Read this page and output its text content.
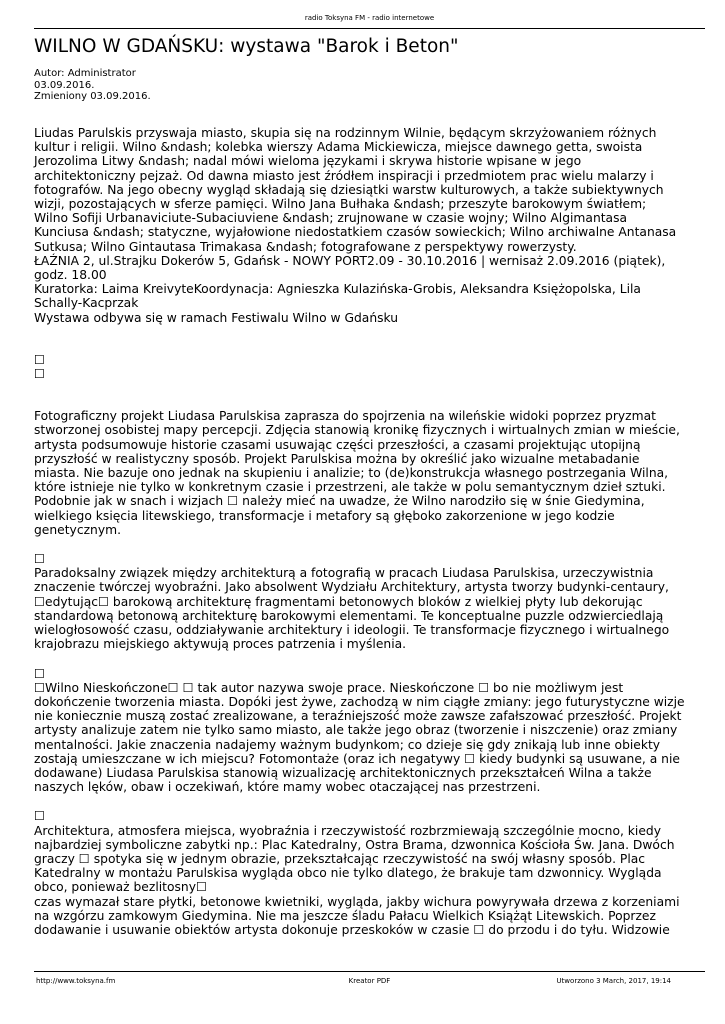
radio Toksyna FM - radio internetowe
WILNO W GDAŃSKU: wystawa "Barok i Beton"
Autor: Administrator
03.09.2016.
Zmieniony 03.09.2016.

Liudas Parulskis przyswaja miasto, skupia się na rodzinnym Wilnie, będącym skrzyżowaniem różnych

kultur i religii. Wilno &ndash; kolebka wierszy Adama Mickiewicza, miejsce dawnego getta, swoista

Jerozolima Litwy &ndash; nadal mówi wieloma językami i skrywa historie wpisane w jego

architektoniczny pejzaż. Od dawna miasto jest źródłem inspiracji i przedmiotem prac wielu malarzy i

fotografów. Na jego obecny wygląd składają się dziesiątki warstw kulturowych, a także subiektywnych

wizji, pozostających w sferze pamięci. Wilno Jana Bułhaka &ndash; przeszyte barokowym światłem;

Wilno Sofiji Urbanaviciute-Subaciuviene &ndash; zrujnowane w czasie wojny; Wilno Algimantasa

Kunciusa &ndash; statyczne, wyjałowione niedostatkiem czasów sowieckich; Wilno archiwalne Antanasa

Sutkusa; Wilno Gintautasa Trimakasa &ndash; fotografowane z perspektywy rowerzysty.

ŁAŹNIA 2, ul.Strajku Dokerów 5, Gdańsk - NOWY PORT2.09 - 30.10.2016 | wernisaż 2.09.2016 (piątek),

godz. 18.00

Kuratorka: Laima KreivyteKoordynacja: Agnieszka Kulazińska-Grobis, Aleksandra Księżopolska, Lila

Schally-Kacprzak

Wystawa odbywa się w ramach Festiwalu Wilno w Gdańsku

☐

☐

Fotograficzny projekt Liudasa Parulskisa zaprasza do spojrzenia na wileńskie widoki poprzez pryzmat

stworzonej osobistej mapy percepcji. Zdjęcia stanowią kronikę fizycznych i wirtualnych zmian w mieście,

artysta podsumowuje historie czasami usuwając części przeszłości, a czasami projektując utopijną

przyszłość w realistyczny sposób. Projekt Parulskisa można by określić jako wizualne metabadanie

miasta. Nie bazuje ono jednak na skupieniu i analizie; to (de)konstrukcja własnego postrzegania Wilna,

które istnieje nie tylko w konkretnym czasie i przestrzeni, ale także w polu semantycznym dzieł sztuki.

Podobnie jak w snach i wizjach ☐ należy mieć na uwadze, że Wilno narodziło się w śnie Giedymina,

wielkiego księcia litewskiego, transformacje i metafory są głęboko zakorzenione w jego kodzie

genetycznym.

☐

Paradoksalny związek między architekturą a fotografią w pracach Liudasa Parulskisa, urzeczywistnia

znaczenie twórczej wyobraźni. Jako absolwent Wydziału Architektury, artysta tworzy budynki-centaury,

☐edytując☐ barokową architekturę fragmentami betonowych bloków z wielkiej płyty lub dekorując

standardową betonową architekturę barokowymi elementami. Te konceptualne puzzle odzwierciedlają

wielogłosowość czasu, oddziaływanie architektury i ideologii. Te transformacje fizycznego i wirtualnego

krajobrazu miejskiego aktywują proces patrzenia i myślenia.

☐

☐Wilno Nieskończone☐ ☐ tak autor nazywa swoje prace. Nieskończone ☐ bo nie możliwym jest

dokończenie tworzenia miasta. Dopóki jest żywe, zachodzą w nim ciągłe zmiany: jego futurystyczne wizje

nie koniecznie muszą zostać zrealizowane, a teraźniejszość może zawsze zafałszować przeszłość. Projekt

artysty analizuje zatem nie tylko samo miasto, ale także jego obraz (tworzenie i niszczenie) oraz zmiany

mentalności. Jakie znaczenia nadajemy ważnym budynkom; co dzieje się gdy znikają lub inne obiekty

zostają umieszczane w ich miejscu? Fotomontaże (oraz ich negatywy ☐ kiedy budynki są usuwane, a nie

dodawane) Liudasa Parulskisa stanowią wizualizację architektonicznych przekształceń Wilna a także

naszych lęków, obaw i oczekiwań, które mamy wobec otaczającej nas przestrzeni.

☐

Architektura, atmosfera miejsca, wyobraźnia i rzeczywistość rozbrzmiewają szczególnie mocno, kiedy

najbardziej symboliczne zabytki np.: Plac Katedralny, Ostra Brama, dzwonnica Kościoła Św. Jana. Dwóch

graczy ☐ spotyka się w jednym obrazie, przekształcając rzeczywistość na swój własny sposób. Plac

Katedralny w montażu Parulskisa wygląda obco nie tylko dlatego, że brakuje tam dzwonnicy. Wygląda

obco, ponieważ bezlitosny☐

czas wymazał stare płytki, betonowe kwietniki, wygląda, jakby wichura powyrywała drzewa z korzeniami

na wzgórzu zamkowym Giedymina. Nie ma jeszcze śladu Pałacu Wielkich Książąt Litewskich. Poprzez

dodawanie i usuwanie obiektów artysta dokonuje przeskoków w czasie ☐ do przodu i do tyłu. Widzowie

http://www.toksyna.fm	Kreator PDF	Utworzono 3 March, 2017, 19:14
